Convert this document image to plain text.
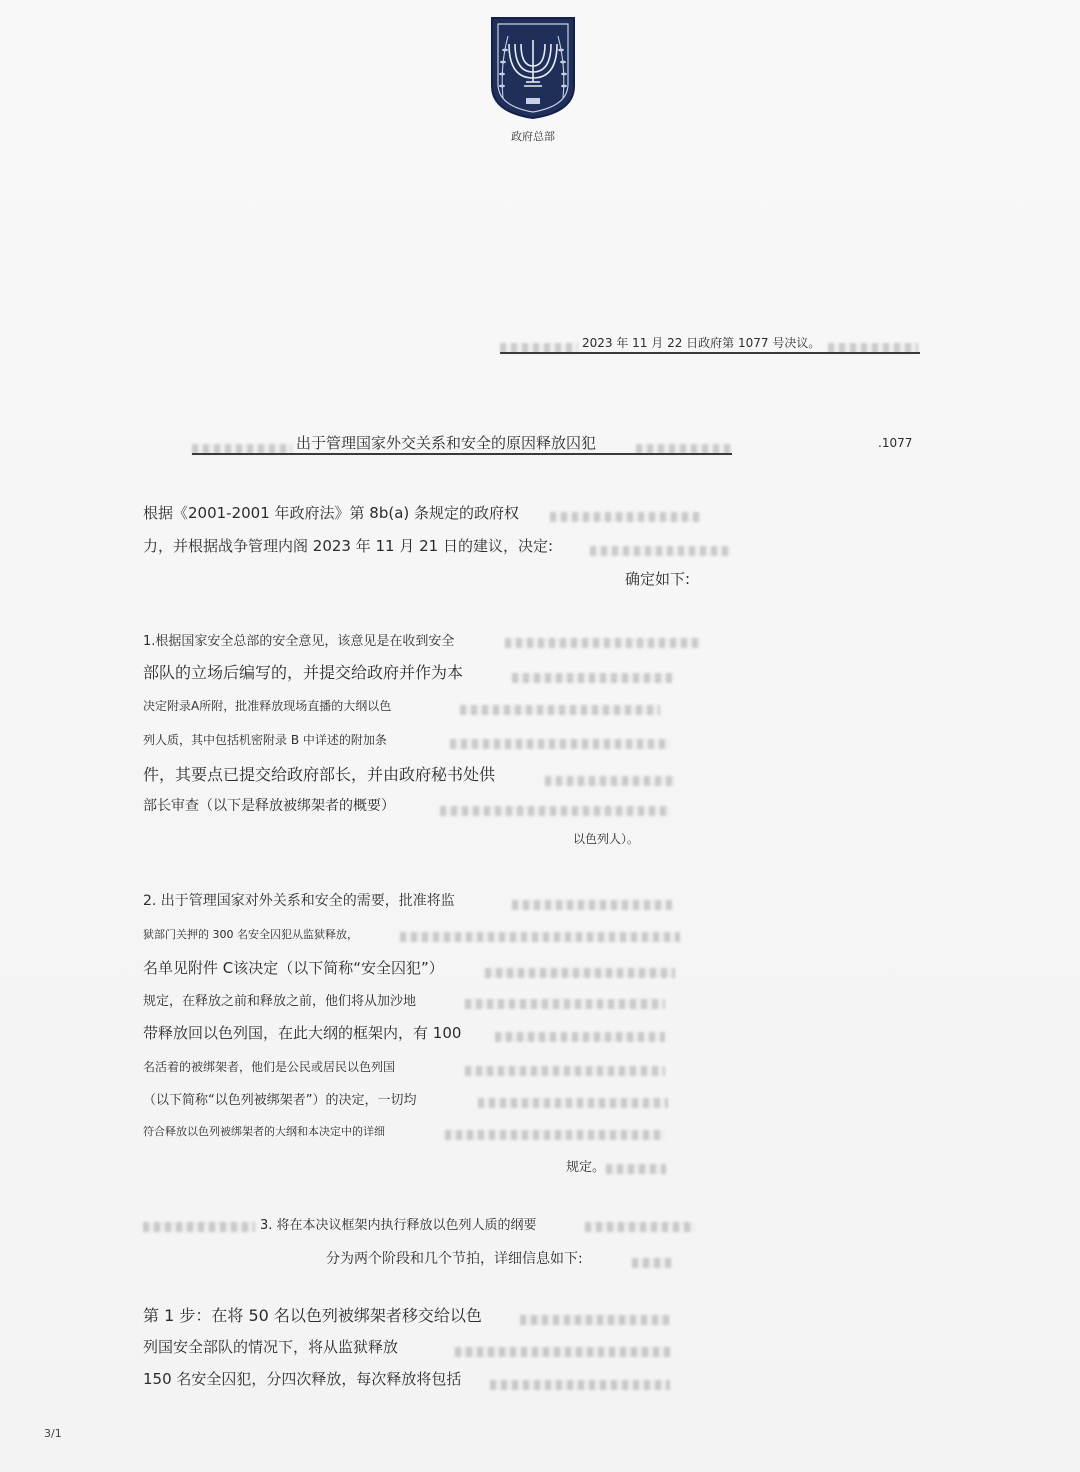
政府总部
2023 年 11 月 22 日政府第 1077 号决议。
出于管理国家外交关系和安全的原因释放囚犯	.1077
根据《2001-2001 年政府法》第 8b(a) 条规定的政府权
力，并根据战争管理内阁 2023 年 11 月 21 日的建议，决定:
确定如下:
1.根据国家安全总部的安全意见，该意见是在收到安全
部队的立场后编写的，并提交给政府并作为本
决定附录A所附，批准释放现场直播的大纲以色
列人质，其中包括机密附录 B 中详述的附加条
件，其要点已提交给政府部长，并由政府秘书处供
部长审查（以下是释放被绑架者的概要）
以色列人）。
2. 出于管理国家对外关系和安全的需要，批准将监
狱部门关押的 300 名安全囚犯从监狱释放，
名单见附件 C该决定（以下简称“安全囚犯”）
规定，在释放之前和释放之前，他们将从加沙地
带释放回以色列国，在此大纲的框架内，有 100
名活着的被绑架者，他们是公民或居民以色列国
（以下简称“以色列被绑架者”）的决定，一切均
符合释放以色列被绑架者的大纲和本决定中的详细
规定。
3. 将在本决议框架内执行释放以色列人质的纲要
分为两个阶段和几个节拍，详细信息如下:
第 1 步：在将 50 名以色列被绑架者移交给以色
列国安全部队的情况下，将从监狱释放
150 名安全囚犯，分四次释放，每次释放将包括
3/1
